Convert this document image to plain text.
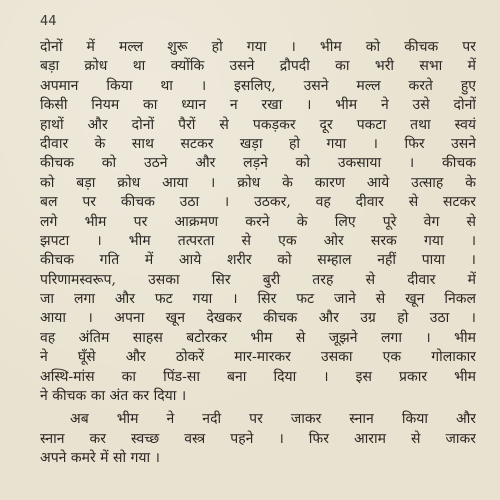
44
दोनों में मल्ल शुरू हो गया । भीम को कीचक पर
बड़ा क्रोध था क्योंकि उसने द्रौपदी का भरी सभा में
अपमान किया था । इसलिए, उसने मल्ल करते हुए
किसी नियम का ध्यान न रखा । भीम ने उसे दोनों
हाथों और दोनों पैरों से पकड़कर दूर पकटा तथा स्वयं
दीवार के साथ सटकर खड़ा हो गया । फिर उसने
कीचक को उठने और लड़ने को उकसाया । कीचक
को बड़ा क्रोध आया । क्रोध के कारण आये उत्साह के
बल पर कीचक उठा । उठकर, वह दीवार से सटकर
लगे भीम पर आक्रमण करने के लिए पूरे वेग से
झपटा । भीम तत्परता से एक ओर सरक गया ।
कीचक गति में आये शरीर को सम्हाल नहीं पाया ।
परिणामस्वरूप, उसका सिर बुरी तरह से दीवार में
जा लगा और फट गया । सिर फट जाने से खून निकल
आया । अपना खून देखकर कीचक और उग्र हो उठा ।
वह अंतिम साहस बटोरकर भीम से जूझने लगा । भीम
ने घूँसे और ठोकरें मार-मारकर उसका एक गोलाकार
अस्थि-मांस का पिंड-सा बना दिया । इस प्रकार भीम
ने कीचक का अंत कर दिया ।
अब भीम ने नदी पर जाकर स्नान किया और
स्नान कर स्वच्छ वस्त्र पहने । फिर आराम से जाकर
अपने कमरे में सो गया ।
